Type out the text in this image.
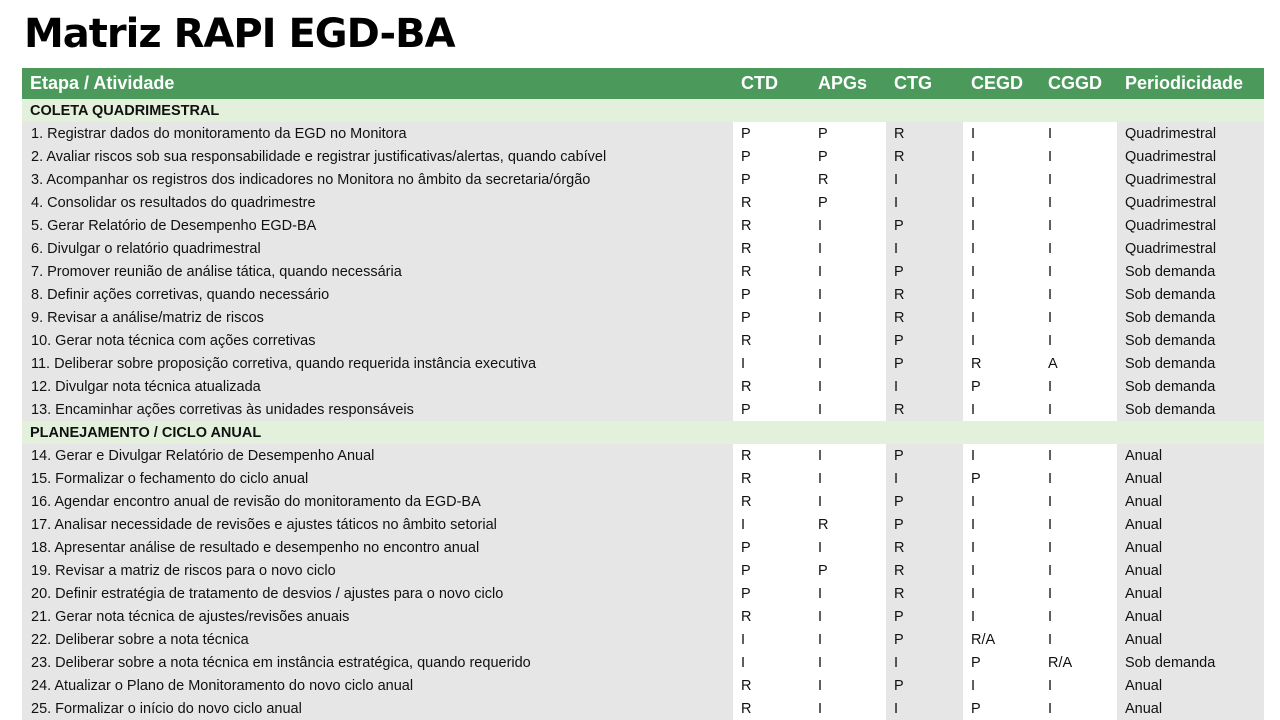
Matriz RAPI EGD-BA
Etapa / Atividade	CTD	APGs	CTG	CEGD	CGGD	Periodicidade
COLETA QUADRIMESTRAL						
1. Registrar dados do monitoramento da EGD no Monitora	P	P	R	I	I	Quadrimestral
2. Avaliar riscos sob sua responsabilidade e registrar justificativas/alertas, quando cabível	P	P	R	I	I	Quadrimestral
3. Acompanhar os registros dos indicadores no Monitora no âmbito da secretaria/órgão	P	R	I	I	I	Quadrimestral
4. Consolidar os resultados do quadrimestre	R	P	I	I	I	Quadrimestral
5. Gerar Relatório de Desempenho EGD-BA	R	I	P	I	I	Quadrimestral
6. Divulgar o relatório quadrimestral	R	I	I	I	I	Quadrimestral
7. Promover reunião de análise tática, quando necessária	R	I	P	I	I	Sob demanda
8. Definir ações corretivas, quando necessário	P	I	R	I	I	Sob demanda
9. Revisar a análise/matriz de riscos	P	I	R	I	I	Sob demanda
10. Gerar nota técnica com ações corretivas	R	I	P	I	I	Sob demanda
11. Deliberar sobre proposição corretiva, quando requerida instância executiva	I	I	P	R	A	Sob demanda
12. Divulgar nota técnica atualizada	R	I	I	P	I	Sob demanda
13. Encaminhar ações corretivas às unidades responsáveis	P	I	R	I	I	Sob demanda
PLANEJAMENTO / CICLO ANUAL						
14. Gerar e Divulgar Relatório de Desempenho Anual	R	I	P	I	I	Anual
15. Formalizar o fechamento do ciclo anual	R	I	I	P	I	Anual
16. Agendar encontro anual de revisão do monitoramento da EGD-BA	R	I	P	I	I	Anual
17. Analisar necessidade de revisões e ajustes táticos no âmbito setorial	I	R	P	I	I	Anual
18. Apresentar análise de resultado e desempenho no encontro anual	P	I	R	I	I	Anual
19. Revisar a matriz de riscos para o novo ciclo	P	P	R	I	I	Anual
20. Definir estratégia de tratamento de desvios / ajustes para o novo ciclo	P	I	R	I	I	Anual
21. Gerar nota técnica de ajustes/revisões anuais	R	I	P	I	I	Anual
22. Deliberar sobre a nota técnica	I	I	P	R/A	I	Anual
23. Deliberar sobre a nota técnica em instância estratégica, quando requerido	I	I	I	P	R/A	Sob demanda
24. Atualizar o Plano de Monitoramento do novo ciclo anual	R	I	P	I	I	Anual
25. Formalizar o início do novo ciclo anual	R	I	I	P	I	Anual
